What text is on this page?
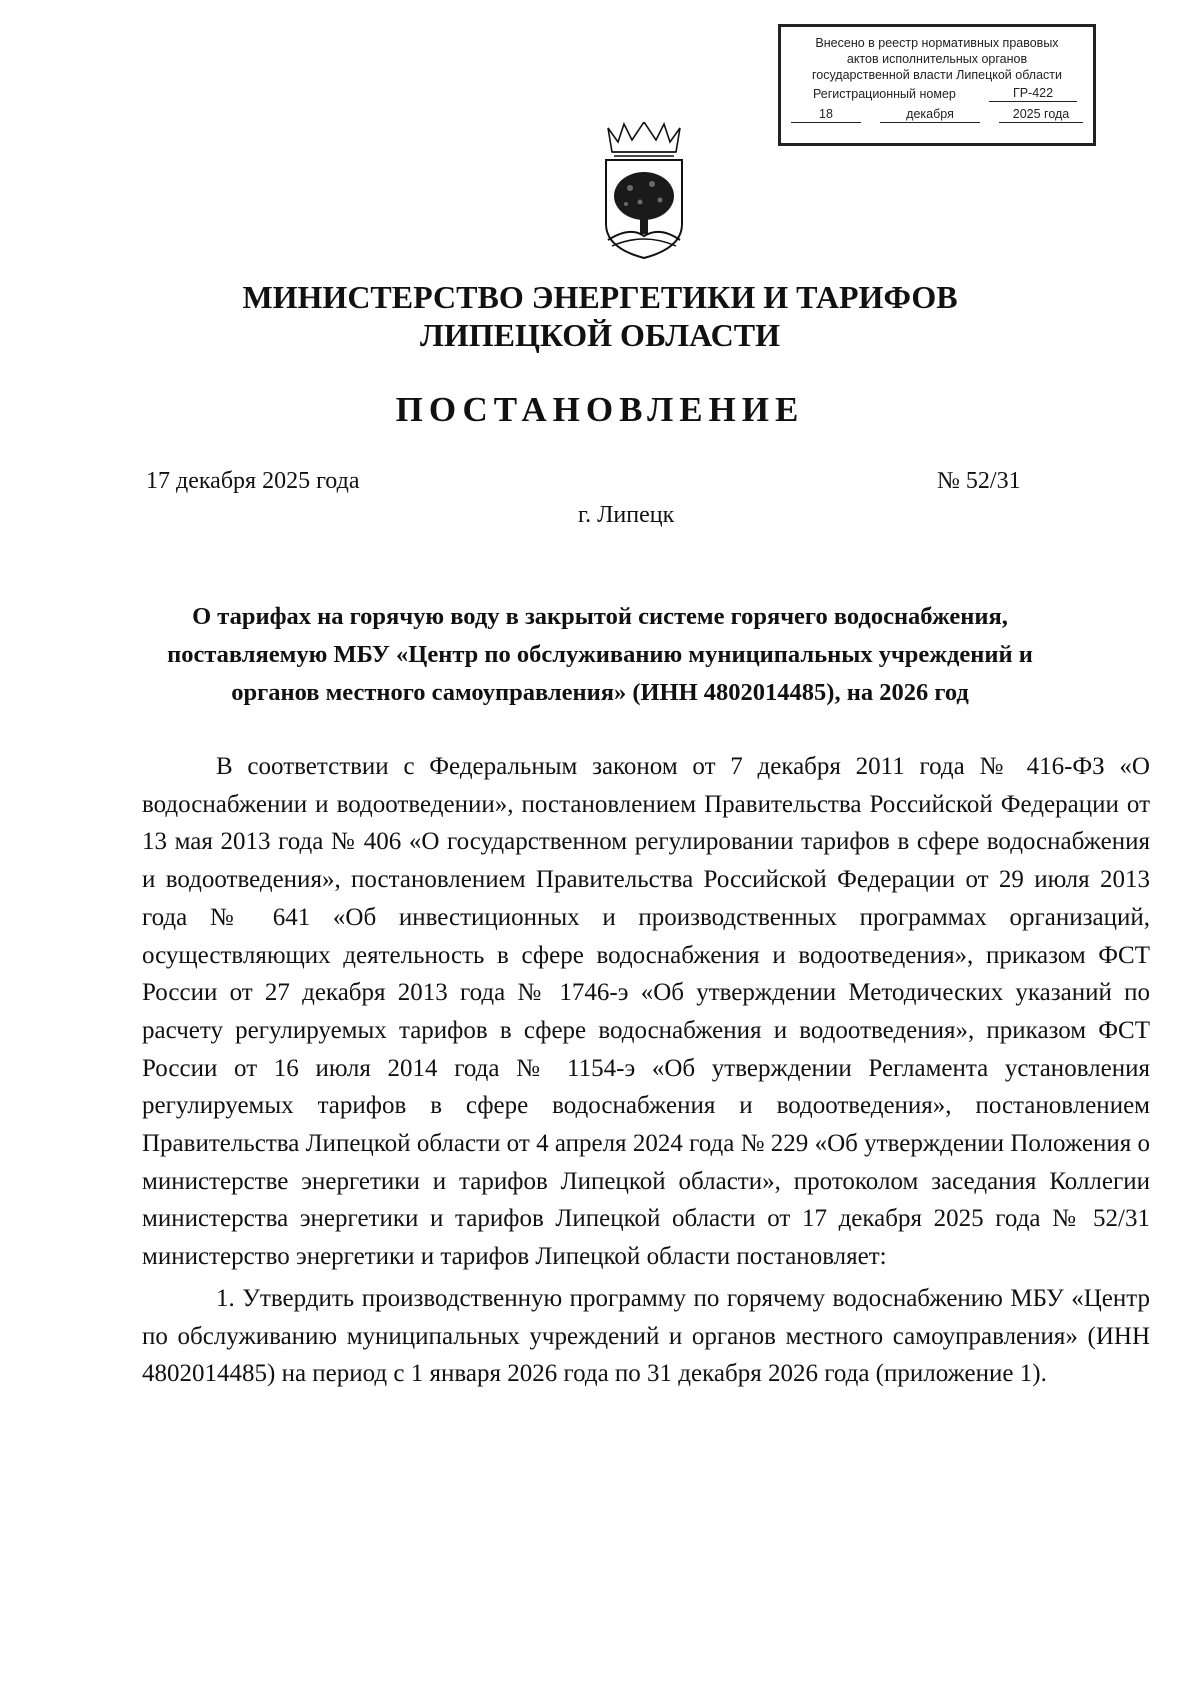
Внесено в реестр нормативных правовых
актов исполнительных органов
государственной власти Липецкой области
Регистрационный номер	ГР-422
18	декабря	2025 года
МИНИСТЕРСТВО ЭНЕРГЕТИКИ И ТАРИФОВ
ЛИПЕЦКОЙ ОБЛАСТИ
ПОСТАНОВЛЕНИЕ
17 декабря 2025 года	№ 52/31
г. Липецк
О тарифах на горячую воду в закрытой системе горячего водоснабжения,
поставляемую МБУ «Центр по обслуживанию муниципальных учреждений и
органов местного самоуправления» (ИНН 4802014485), на 2026 год

В соответствии с Федеральным законом от 7 декабря 2011 года № 416-ФЗ «О водоснабжении и водоотведении», постановлением Правительства Российской Федерации от 13 мая 2013 года № 406 «О государственном регулировании тарифов в сфере водоснабжения и водоотведения», постановлением Правительства Российской Федерации от 29 июля 2013 года № 641 «Об инвестиционных и производственных программах организаций, осуществляющих деятельность в сфере водоснабжения и водоотведения», приказом ФСТ России от 27 декабря 2013 года № 1746-э «Об утверждении Методических указаний по расчету регулируемых тарифов в сфере водоснабжения и водоотведения», приказом ФСТ России от 16 июля 2014 года № 1154-э «Об утверждении Регламента установления регулируемых тарифов в сфере водоснабжения и водоотведения», постановлением Правительства Липецкой области от 4 апреля 2024 года № 229 «Об утверждении Положения о министерстве энергетики и тарифов Липецкой области», протоколом заседания Коллегии министерства энергетики и тарифов Липецкой области от 17 декабря 2025 года № 52/31 министерство энергетики и тарифов Липецкой области постановляет:

1. Утвердить производственную программу по горячему водоснабжению МБУ «Центр по обслуживанию муниципальных учреждений и органов местного самоуправления» (ИНН 4802014485) на период с 1 января 2026 года по 31 декабря 2026 года (приложение 1).
